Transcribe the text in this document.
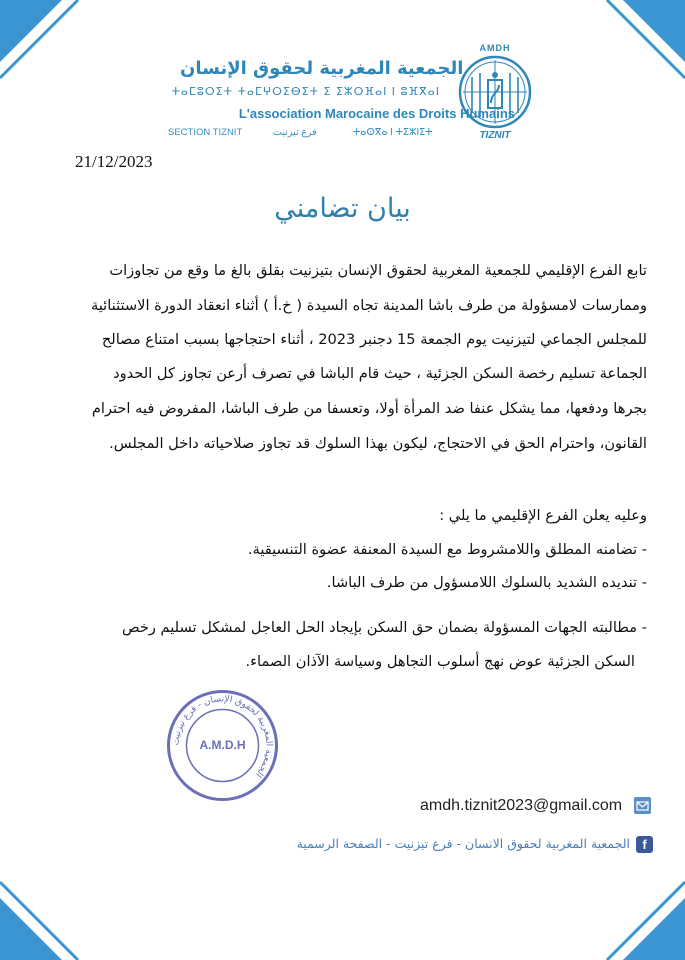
AMDH
TIZNIT
الجمعية المغربية لحقوق الإنسان
ⵜⴰⵎⵓⵔⵉⵜ ⵜⴰⵎⵖⵔⵉⴱⵉⵜ ⵉ ⵉⵣⵔⴼⴰⵏ ⵏ ⵓⴼⴳⴰⵏ
L'association Marocaine des Droits Humains
SECTION TIZNIT	فرع تيزنيت	ⵜⴰⵙⴳⴰ ⵏ ⵜⵉⵣⵏⵉⵜ
21/12/2023
بيان تضامني
تابع الفرع الإقليمي للجمعية المغربية لحقوق الإنسان بتيزنيت بقلق بالغ ما وقع من تجاوزات
وممارسات لامسؤولة من طرف باشا المدينة تجاه السيدة ( خ.أ ) أثناء انعقاد الدورة الاستثنائية
للمجلس الجماعي لتيزنيت يوم الجمعة 15 دجنبر 2023 ، أثناء احتجاجها بسبب امتناع مصالح
الجماعة تسليم رخصة السكن الجزئية ، حيث قام الباشا في تصرف أرعن تجاوز كل الحدود
بجرها ودفعها، مما يشكل عنفا ضد المرأة أولا، وتعسفا من طرف الباشا، المفروض فيه احترام
القانون، واحترام الحق في الاحتجاج، ليكون بهذا السلوك قد تجاوز صلاحياته داخل المجلس.
وعليه يعلن الفرع الإقليمي ما يلي :
- تضامنه المطلق واللامشروط مع السيدة المعنفة عضوة التنسيقية.
- تنديده الشديد بالسلوك اللامسؤول من طرف الباشا.
- مطالبته الجهات المسؤولة بضمان حق السكن بإيجاد الحل العاجل لمشكل تسليم رخص
السكن الجزئية عوض نهج أسلوب التجاهل وسياسة الآذان الصماء.
الجمعية المغربية لحقوق الإنسان - فرع تيزنيت
A.M.D.H
amdh.tiznit2023@gmail.com
f
الجمعية المغربية لحقوق الانسان - فرع تيزنيت - الصفحة الرسمية
